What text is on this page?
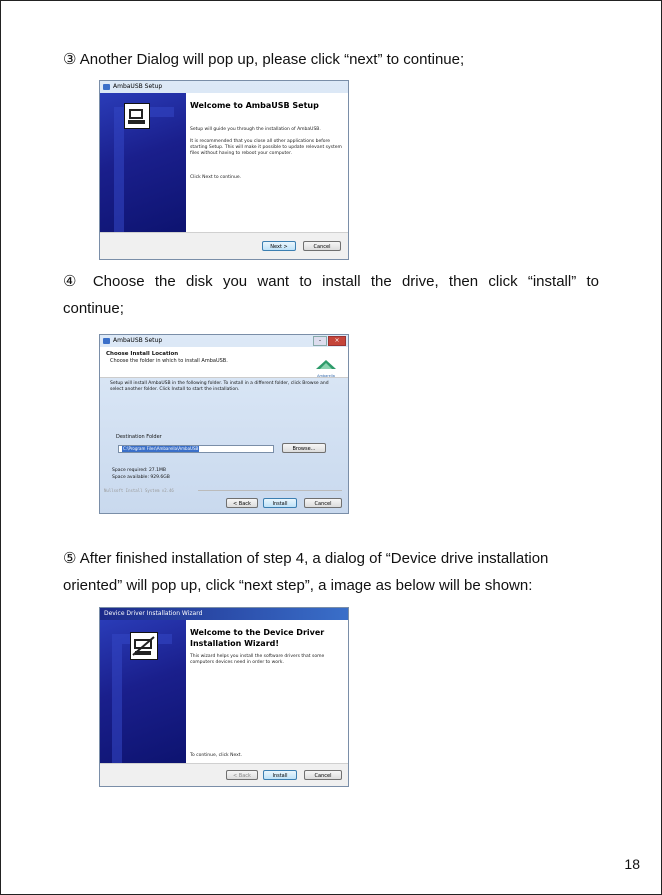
③ Another Dialog will pop up, please click “next” to continue;
AmbaUSB Setup
Welcome to AmbaUSB Setup
Setup will guide you through the installation of AmbaUSB.
It is recommended that you close all other applications before starting Setup. This will make it possible to update relevant system files without having to reboot your computer.
Click Next to continue.
Next >	Cancel
④ Choose the disk you want to install the drive, then click “install” to
continue;
AmbaUSB Setup	–	×
Choose Install Location
Choose the folder in which to install AmbaUSB.
Ambarella
Setup will install AmbaUSB in the following folder. To install in a different folder, click Browse and select another folder. Click Install to start the installation.
Destination Folder
C:\Program Files\Ambarella\AmbaUSB	Browse...
Space required: 27.1MB
Space available: 929.6GB
Nullsoft Install System v2.46
< Back	Install	Cancel
⑤ After finished installation of step 4, a dialog of “Device drive installation
oriented” will pop up, click “next step”, a image as below will be shown:
Device Driver Installation Wizard
Welcome to the Device Driver
Installation Wizard!
This wizard helps you install the software drivers that some computers devices need in order to work.
To continue, click Next.
< Back	Install	Cancel
18
